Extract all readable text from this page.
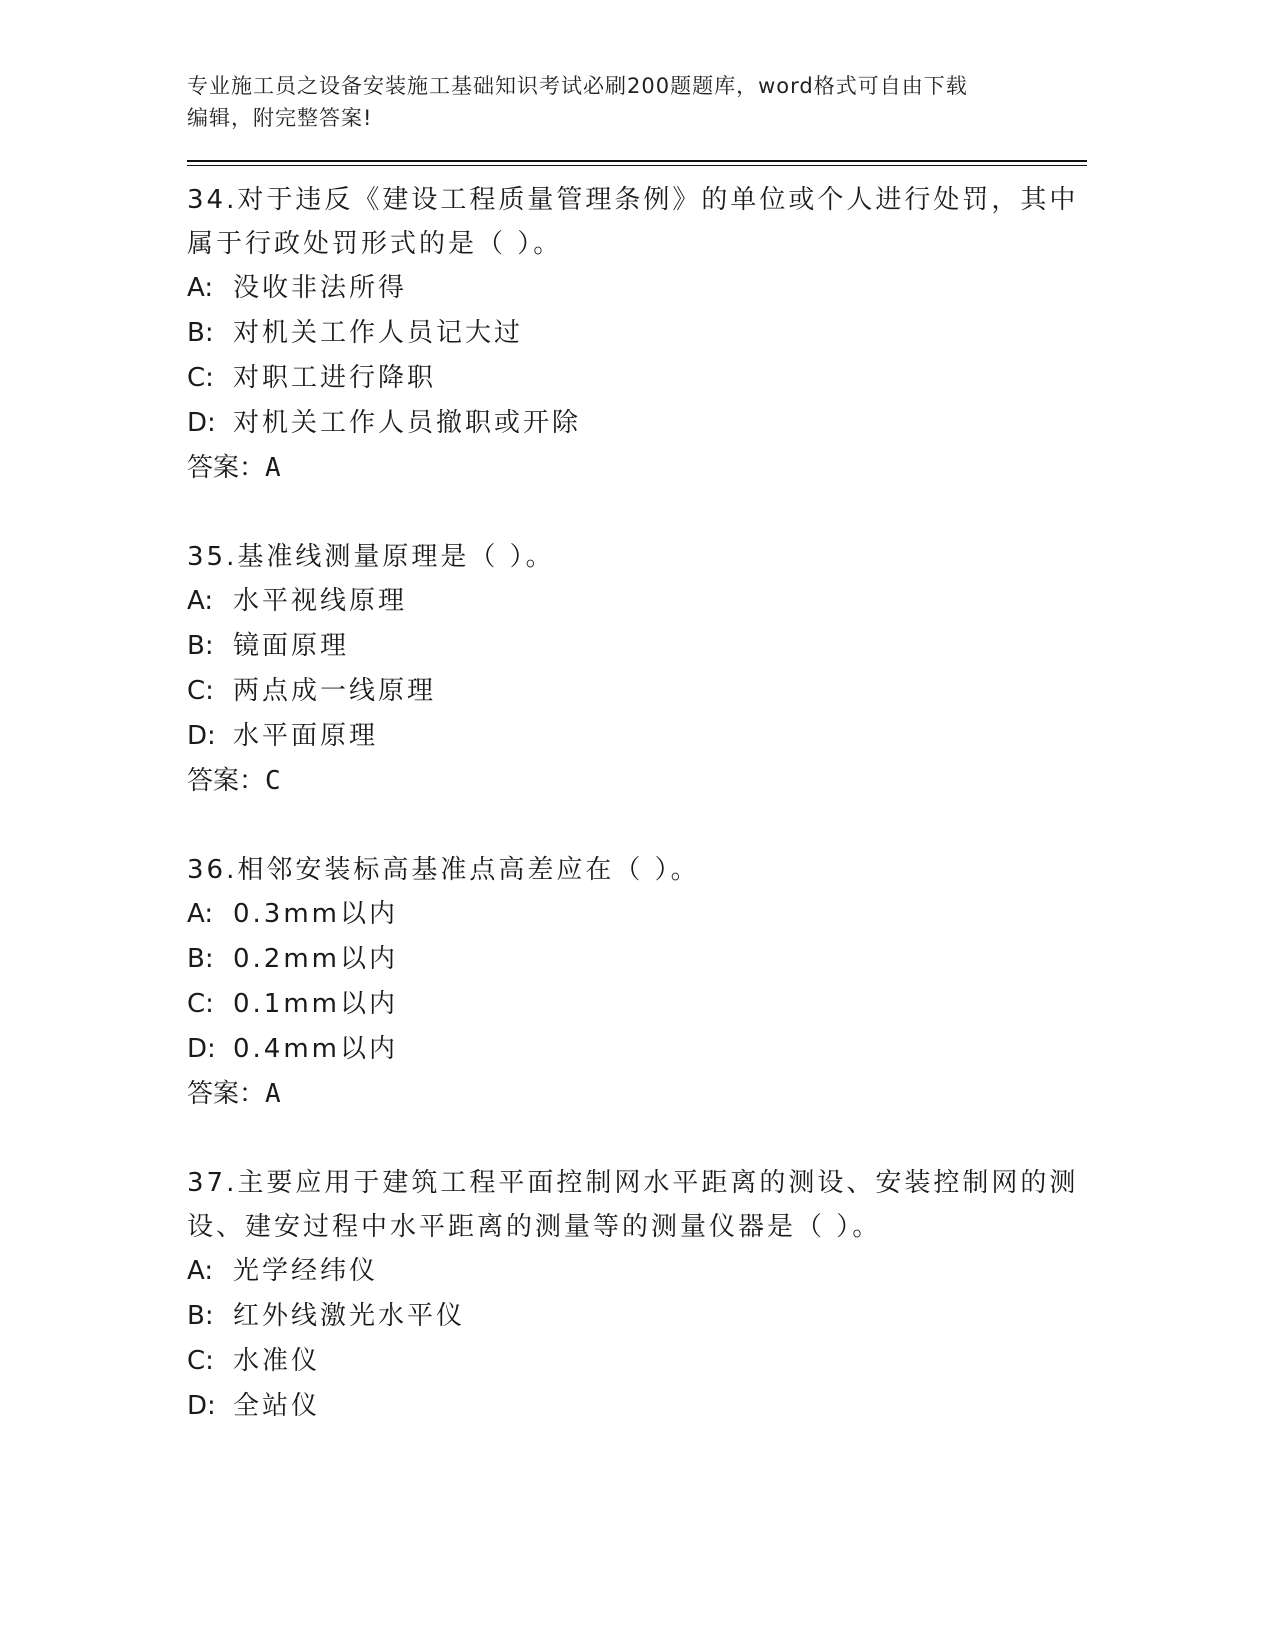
专业施工员之设备安装施工基础知识考试必刷200题题库，word格式可自由下载
编辑，附完整答案!
34.对于违反《建设工程质量管理条例》的单位或个人进行处罚，其中
属于行政处罚形式的是（ ）。
A: 没收非法所得
B: 对机关工作人员记大过
C: 对职工进行降职
D: 对机关工作人员撤职或开除
答案：A
35.基准线测量原理是（ ）。
A: 水平视线原理
B: 镜面原理
C: 两点成一线原理
D: 水平面原理
答案：C
36.相邻安装标高基准点高差应在（ ）。
A: 0.3mm以内
B: 0.2mm以内
C: 0.1mm以内
D: 0.4mm以内
答案：A
37.主要应用于建筑工程平面控制网水平距离的测设、安装控制网的测
设、建安过程中水平距离的测量等的测量仪器是（ ）。
A: 光学经纬仪
B: 红外线激光水平仪
C: 水准仪
D: 全站仪
